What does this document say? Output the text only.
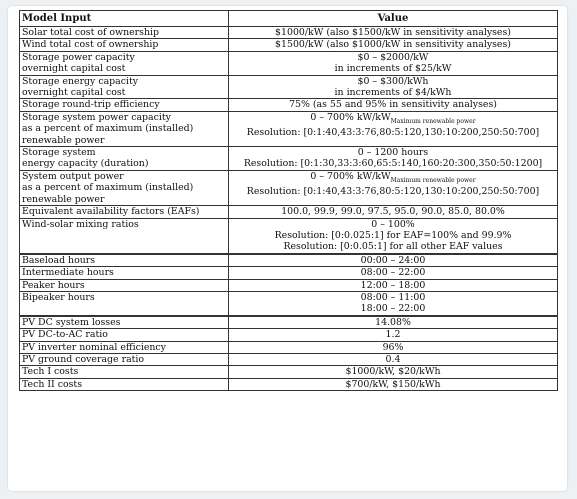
Model Input	Value

Solar total cost of ownership	$1000/kW (also $1500/kW in sensitivity analyses)

Wind total cost of ownership	$1500/kW (also $1000/kW in sensitivity analyses)

Storage power capacity
overnight capital cost	$0 – $2000/kW
in increments of $25/kW

Storage energy capacity
overnight capital cost	$0 – $300/kWh
in increments of $4/kWh

Storage round-trip efficiency	75% (as 55 and 95% in sensitivity analyses)

Storage system power capacity
as a percent of maximum (installed)
renewable power	0 – 700% $kW/kW_{Maximum renewable power}$
Resolution: [0:1:40,43:3:76,80:5:120,130:10:200,250:50:700]

Storage system
energy capacity (duration)	0 – 1200 hours
Resolution: [0:1:30,33:3:60,65:5:140,160:20:300,350:50:1200]

System output power
as a percent of maximum (installed)
renewable power	0 – 700% $kW/kW_{Maximum renewable power}$
Resolution: [0:1:40,43:3:76,80:5:120,130:10:200,250:50:700]

Equivalent availability factors (EAFs)	100.0, 99.9, 99.0, 97.5, 95.0, 90.0, 85.0, 80.0%

Wind-solar mixing ratios	0 – 100%
Resolution: [0:0.025:1] for EAF=100% and 99.9%
Resolution: [0:0.05:1] for all other EAF values

Baseload hours	00:00 – 24:00

Intermediate hours	08:00 – 22:00

Peaker hours	12:00 – 18:00

Bipeaker hours	08:00 – 11:00
18:00 – 22:00

PV DC system losses	14.08%

PV DC-to-AC ratio	1.2

PV inverter nominal efficiency	96%

PV ground coverage ratio	0.4

Tech I costs	$1000/kW, $20/kWh

Tech II costs	$700/kW, $150/kWh
